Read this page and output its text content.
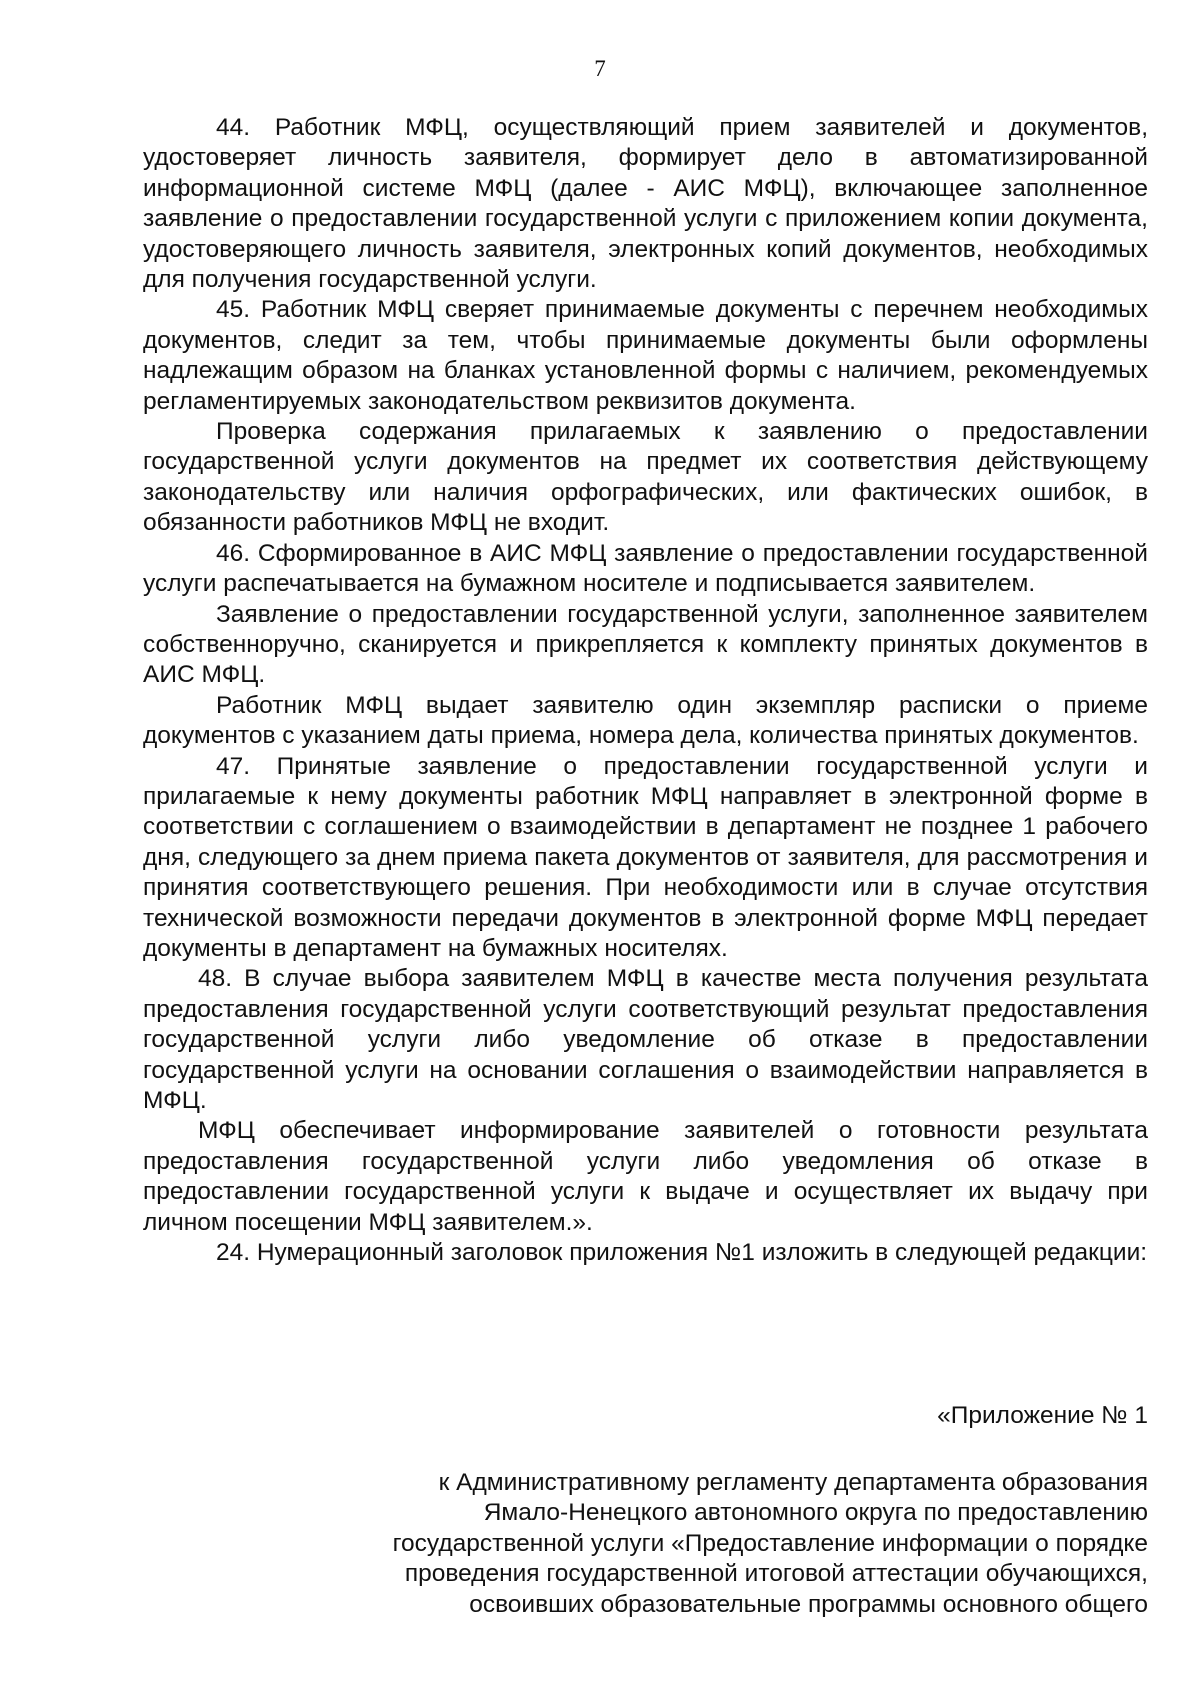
7

44. Работник МФЦ, осуществляющий прием заявителей и документов, удостоверяет личность заявителя, формирует дело в автоматизированной информационной системе МФЦ (далее - АИС МФЦ), включающее заполненное заявление о предоставлении государственной услуги с приложением копии документа, удостоверяющего личность заявителя, электронных копий документов, необходимых для получения государственной услуги.

45. Работник МФЦ сверяет принимаемые документы с перечнем необходимых документов, следит за тем, чтобы принимаемые документы были оформлены надлежащим образом на бланках установленной формы с наличием, рекомендуемых регламентируемых законодательством реквизитов документа.

Проверка содержания прилагаемых к заявлению о предоставлении государственной услуги документов на предмет их соответствия действующему законодательству или наличия орфографических, или фактических ошибок, в обязанности работников МФЦ не входит.

46. Сформированное в АИС МФЦ заявление о предоставлении государственной услуги распечатывается на бумажном носителе и подписывается заявителем.

Заявление о предоставлении государственной услуги, заполненное заявителем собственноручно, сканируется и прикрепляется к комплекту принятых документов в АИС МФЦ.

Работник МФЦ выдает заявителю один экземпляр расписки о приеме документов с указанием даты приема, номера дела, количества принятых документов.

47. Принятые заявление о предоставлении государственной услуги и прилагаемые к нему документы работник МФЦ направляет в электронной форме в соответствии с соглашением о взаимодействии в департамент не позднее 1 рабочего дня, следующего за днем приема пакета документов от заявителя, для рассмотрения и принятия соответствующего решения. При необходимости или в случае отсутствия технической возможности передачи документов в электронной форме МФЦ передает документы в департамент на бумажных носителях.

48. В случае выбора заявителем МФЦ в качестве места получения результата предоставления государственной услуги соответствующий результат предоставления государственной услуги либо уведомление об отказе в предоставлении государственной услуги на основании соглашения о взаимодействии направляется в МФЦ.

МФЦ обеспечивает информирование заявителей о готовности результата предоставления государственной услуги либо уведомления об отказе в предоставлении государственной услуги к выдаче и осуществляет их выдачу при личном посещении МФЦ заявителем.».

24. Нумерационный заголовок приложения №1 изложить в следующей редакции:

«Приложение № 1
к Административному регламенту департамента образования
Ямало-Ненецкого автономного округа по предоставлению
государственной услуги «Предоставление информации о порядке
проведения государственной итоговой аттестации обучающихся,
освоивших образовательные программы основного общего
